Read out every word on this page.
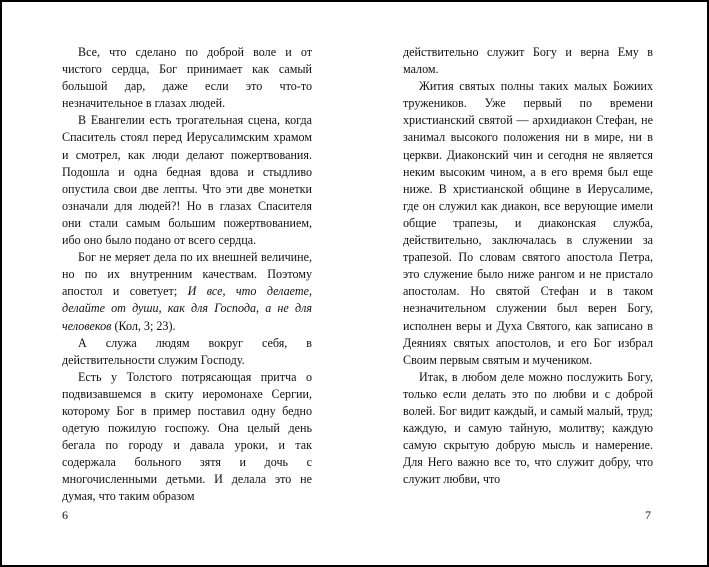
Все, что сделано по доброй воле и от чистого сердца, Бог принимает как самый большой дар, даже если это что-то незначительное в глазах людей.

В Евангелии есть трогательная сцена, когда Спаситель стоял перед Иерусалимским храмом и смотрел, как люди делают пожертвования. Подошла и одна бедная вдова и стыдливо опустила свои две лепты. Что эти две монетки означали для людей?! Но в глазах Спасителя они стали самым большим пожертвованием, ибо оно было подано от всего сердца.

Бог не меряет дела по их внешней величине, но по их внутренним качествам. Поэтому апостол и советует; И все, что делаете, делайте от души, как для Господа, а не для человеков (Кол, 3; 23).

А служа людям вокруг себя, в действительности служим Господу.

Есть у Толстого потрясающая притча о подвизавшемся в скиту иеромонахе Сергии, которому Бог в пример поставил одну бедно одетую пожилую госпожу. Она целый день бегала по городу и давала уроки, и так содержала больного зятя и дочь с многочисленными детьми. И делала это не думая, что таким образом

действительно служит Богу и верна Ему в малом.

Жития святых полны таких малых Божиих тружеников. Уже первый по времени христианский святой — архидиакон Стефан, не занимал высокого положения ни в мире, ни в церкви. Диаконский чин и сегодня не является неким высоким чином, а в его время был еще ниже. В христианской общине в Иерусалиме, где он служил как диакон, все верующие имели общие трапезы, и диаконская служба, действительно, заключалась в служении за трапезой. По словам святого апостола Петра, это служение было ниже рангом и не пристало апостолам. Но святой Стефан и в таком незначительном служении был верен Богу, исполнен веры и Духа Святого, как записано в Деяниях святых апостолов, и его Бог избрал Своим первым святым и мучеником.

Итак, в любом деле можно послужить Богу, только если делать это по любви и с доброй волей. Бог видит каждый, и самый малый, труд; каждую, и самую тайную, молитву; каждую самую скрытую добрую мысль и намерение. Для Него важно все то, что служит добру, что служит любви, что

6	7
